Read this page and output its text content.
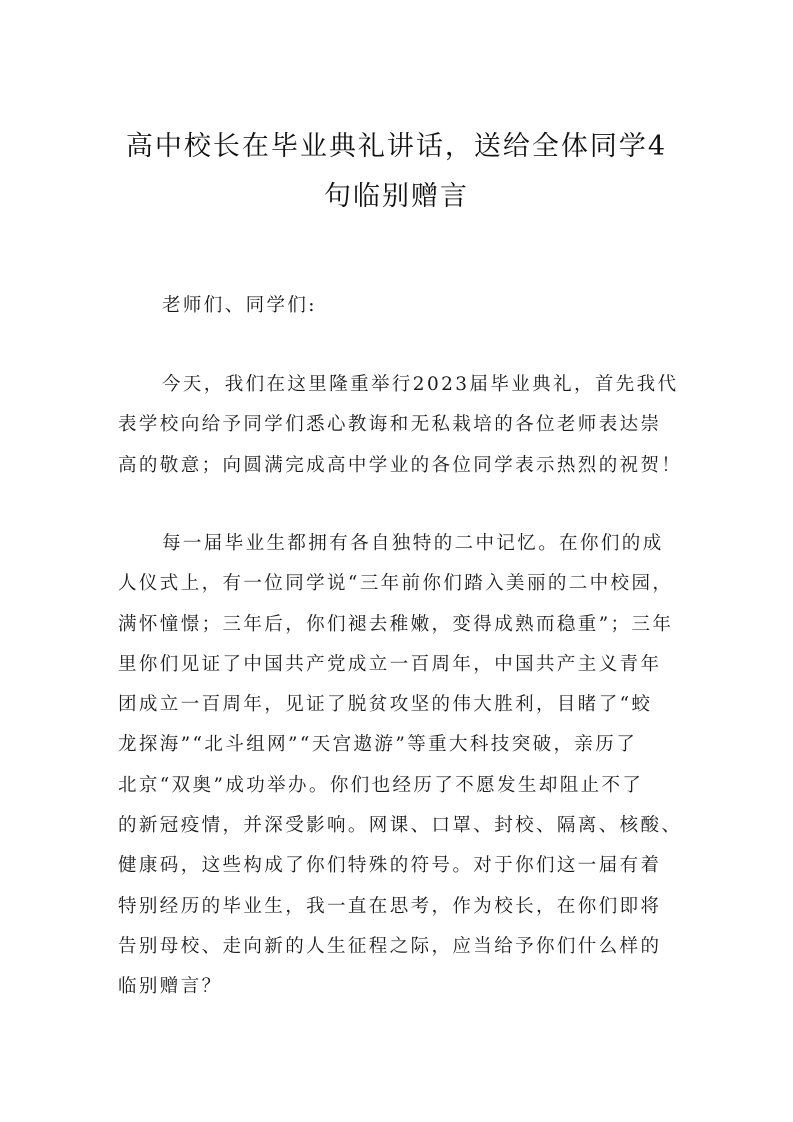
高中校长在毕业典礼讲话，送给全体同学4
句临别赠言

老师们、同学们:

今天，我们在这里隆重举行2023届毕业典礼，首先我代
表学校向给予同学们悉心教诲和无私栽培的各位老师表达崇
高的敬意；向圆满完成高中学业的各位同学表示热烈的祝贺！

每一届毕业生都拥有各自独特的二中记忆。在你们的成
人仪式上，有一位同学说“三年前你们踏入美丽的二中校园，
满怀憧憬；三年后，你们褪去稚嫩，变得成熟而稳重”；三年
里你们见证了中国共产党成立一百周年，中国共产主义青年
团成立一百周年，见证了脱贫攻坚的伟大胜利，目睹了“蛟
龙探海”“北斗组网”“天宫遨游”等重大科技突破，亲历了
北京“双奥”成功举办。你们也经历了不愿发生却阻止不了
的新冠疫情，并深受影响。网课、口罩、封校、隔离、核酸、
健康码，这些构成了你们特殊的符号。对于你们这一届有着
特别经历的毕业生，我一直在思考，作为校长，在你们即将
告别母校、走向新的人生征程之际，应当给予你们什么样的
临别赠言？
